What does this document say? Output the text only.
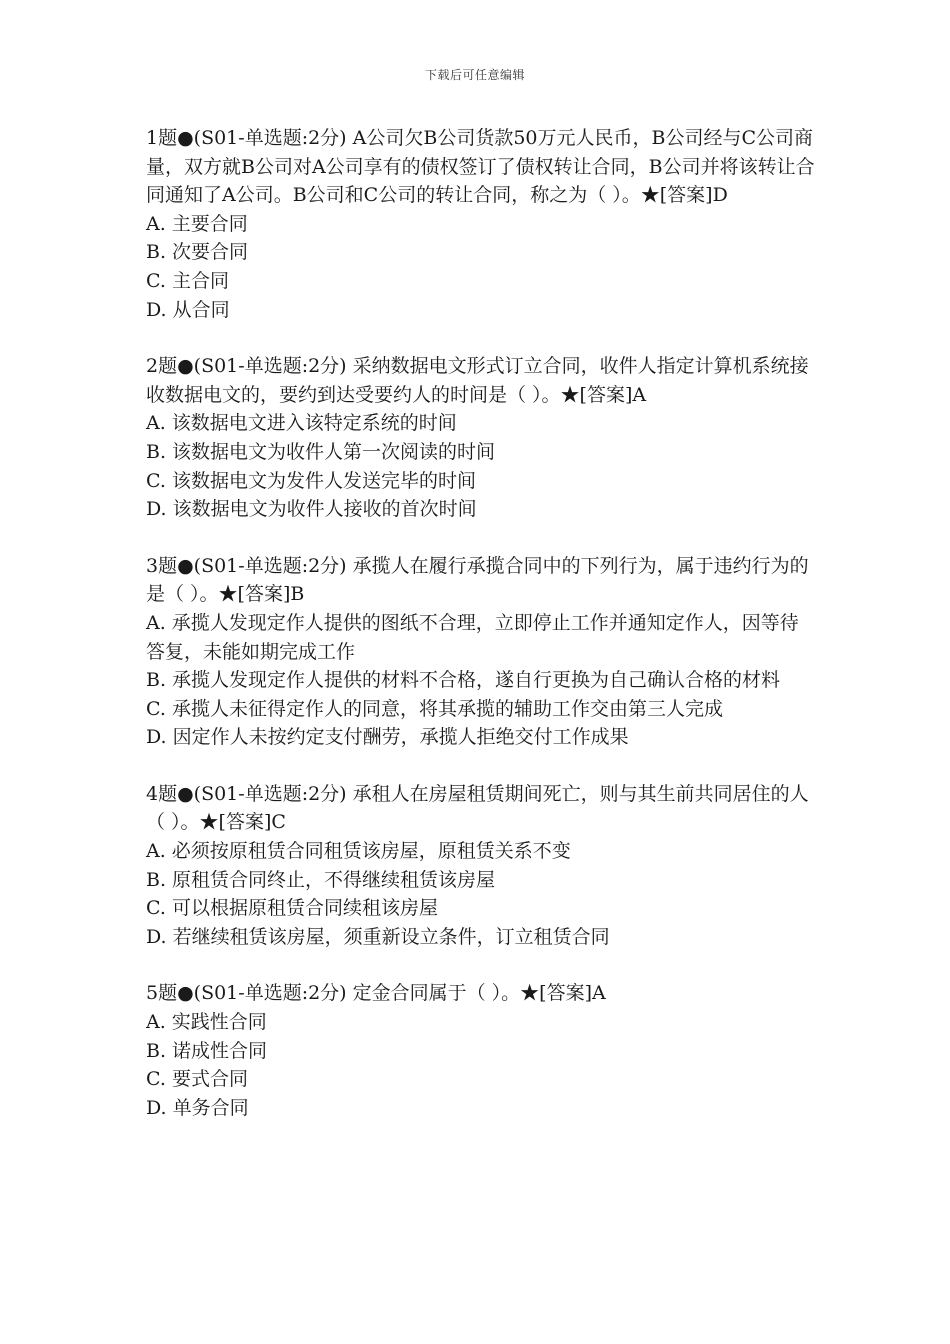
下载后可任意编辑

1题●(S01-单选题:2分) A公司欠B公司货款50万元人民币，B公司经与C公司商量，双方就B公司对A公司享有的债权签订了债权转让合同，B公司并将该转让合同通知了A公司。B公司和C公司的转让合同，称之为（ ）。★[答案]D

A. 主要合同
B. 次要合同
C. 主合同
D. 从合同

2题●(S01-单选题:2分) 采纳数据电文形式订立合同，收件人指定计算机系统接收数据电文的，要约到达受要约人的时间是（ ）。★[答案]A

A. 该数据电文进入该特定系统的时间
B. 该数据电文为收件人第一次阅读的时间
C. 该数据电文为发件人发送完毕的时间
D. 该数据电文为收件人接收的首次时间

3题●(S01-单选题:2分) 承揽人在履行承揽合同中的下列行为，属于违约行为的是（ ）。★[答案]B

A. 承揽人发现定作人提供的图纸不合理，立即停止工作并通知定作人，因等待答复，未能如期完成工作
B. 承揽人发现定作人提供的材料不合格，遂自行更换为自己确认合格的材料
C. 承揽人未征得定作人的同意，将其承揽的辅助工作交由第三人完成
D. 因定作人未按约定支付酬劳，承揽人拒绝交付工作成果

4题●(S01-单选题:2分) 承租人在房屋租赁期间死亡，则与其生前共同居住的人（ ）。★[答案]C

A. 必须按原租赁合同租赁该房屋，原租赁关系不变
B. 原租赁合同终止，不得继续租赁该房屋
C. 可以根据原租赁合同续租该房屋
D. 若继续租赁该房屋，须重新设立条件，订立租赁合同

5题●(S01-单选题:2分) 定金合同属于（ ）。★[答案]A

A. 实践性合同
B. 诺成性合同
C. 要式合同
D. 单务合同
